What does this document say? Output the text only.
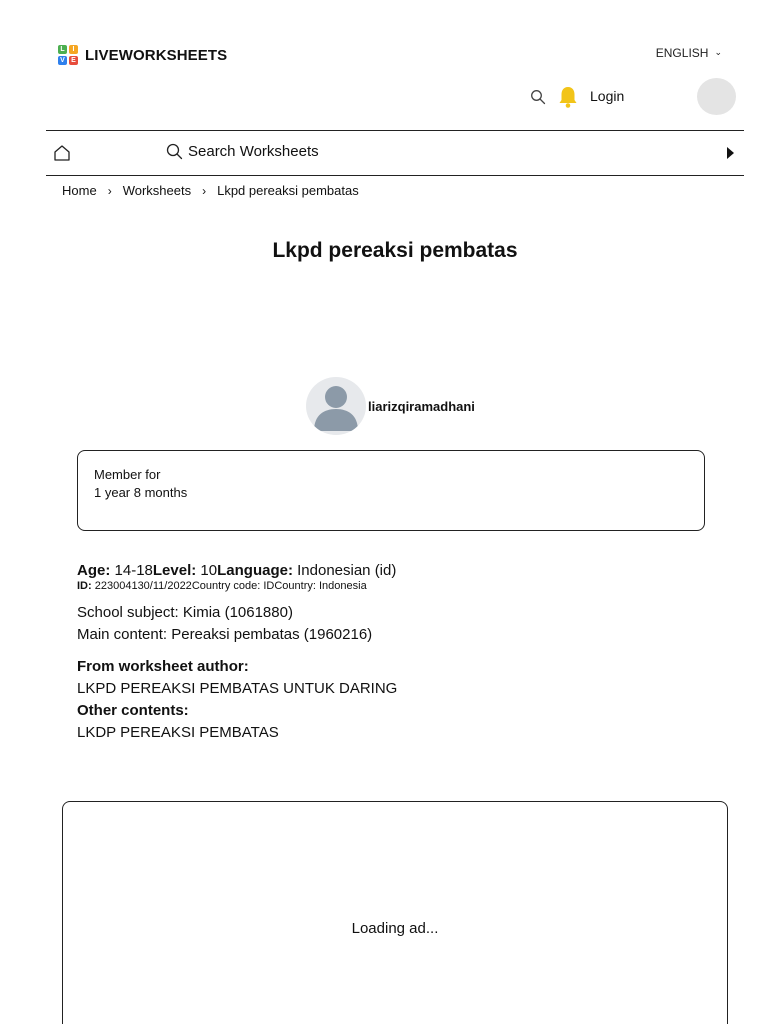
L	I
V E LIVEWORKSHEETS	ENGLISH ⌄
Login
Search Worksheets
Home › Worksheets › Lkpd pereaksi pembatas
Lkpd pereaksi pembatas
liarizqiramadhani
Member for
1 year 8 months
Age: 14-18Level: 10Language: Indonesian (id)
ID: 223004130/11/2022Country code: IDCountry: Indonesia
School subject: Kimia (1061880)
Main content: Pereaksi pembatas (1960216)
From worksheet author:
LKPD PEREAKSI PEMBATAS UNTUK DARING
Other contents:
LKDP PEREAKSI PEMBATAS
Loading ad...
